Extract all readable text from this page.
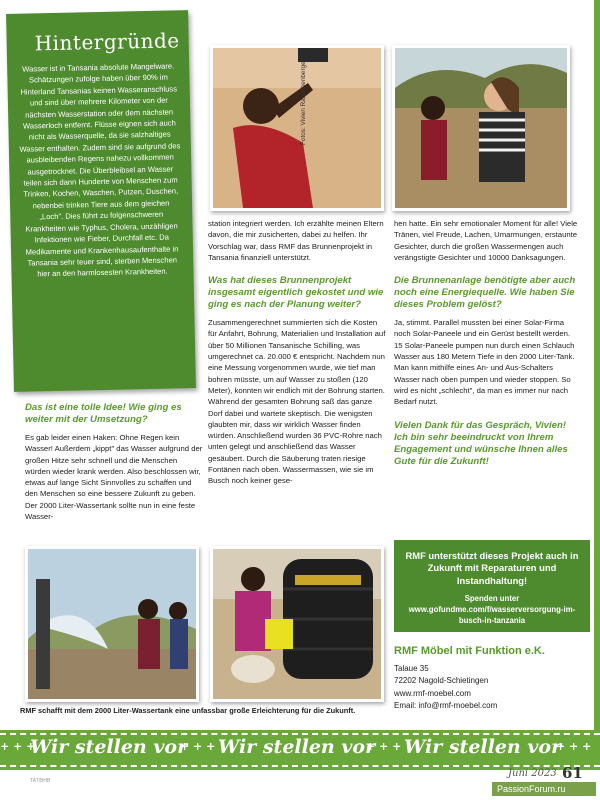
Hintergründe

Wasser ist in Tansania absolute Mangelware. Schätzungen zufolge haben über 90% im Hinterland Tansanias keinen Wasseranschluss und sind über mehrere Kilometer von der nächsten Wasserstation oder dem nächsten Wasserloch entfernt. Flüsse eignen sich auch nicht als Wasserquelle, da sie salzhaltiges Wasser enthalten. Zudem sind sie aufgrund des ausbleibenden Regens nahezu vollkommen ausgetrocknet. Die Überbleibsel an Wasser teilen sich dann Hunderte von Menschen zum Trinken, Kochen, Waschen, Putzen, Duschen, nebenbei trinken Tiere aus dem gleichen „Loch". Dies führt zu folgenschweren Krankheiten wie Typhus, Cholera, unzähligen Infektionen wie Fieber, Durchfall etc. Da Medikamente und Krankenhausaufenthalte in Tansania sehr teuer sind, sterben Menschen hier an den harmlosesten Krankheiten.

Fotos: Vivien Rauschenberger

Das ist eine tolle Idee! Wie ging es weiter mit der Umsetzung?

Es gab leider einen Haken: Ohne Regen kein Wasser! Außerdem „kippt" das Wasser aufgrund der großen Hitze sehr schnell und die Menschen würden wieder krank werden. Also beschlossen wir, etwas auf lange Sicht Sinnvolles zu schaffen und den Menschen so eine bessere Zukunft zu geben. Der 2000 Liter-Wassertank sollte nun in eine feste Wasser-

station integriert werden. Ich erzählte meinen Eltern davon, die mir zusicherten, dabei zu helfen. Ihr Vorschlag war, dass RMF das Brunnenprojekt in Tansania finanziell unterstützt.

Was hat dieses Brunnenprojekt insgesamt eigentlich gekostet und wie ging es nach der Planung weiter?

Zusammengerechnet summierten sich die Kosten für Anfahrt, Bohrung, Materialien und Installation auf über 50 Millionen Tansanische Schilling, was umgerechnet ca. 20.000 € entspricht. Nachdem nun eine Messung vorgenommen wurde, wie tief man bohren müsste, um auf Wasser zu stoßen (120 Meter), konnten wir endlich mit der Bohrung starten. Während der gesamten Bohrung saß das ganze Dorf dabei und wartete skeptisch. Die wenigsten glaubten mir, dass wir wirklich Wasser finden würden. Anschließend wurden 36 PVC-Rohre nach unten gelegt und anschließend das Wasser gesäubert. Durch die Säuberung traten riesige Fontänen nach oben. Wassermassen, wie sie im Busch noch keiner gese-

hen hatte. Ein sehr emotionaler Moment für alle! Viele Tränen, viel Freude, Lachen, Umarmungen, erstaunte Gesichter, durch die großen Wassermengen auch verängstigte Gesichter und 10000 Danksagungen.

Die Brunnenanlage benötigte aber auch noch eine Energiequelle. Wie haben Sie dieses Problem gelöst?

Ja, stimmt. Parallel mussten bei einer Solar-Firma noch Solar-Paneele und ein Gerüst bestellt werden. 15 Solar-Paneele pumpen nun durch einen Schlauch Wasser aus 180 Metern Tiefe in den 2000 Liter-Tank. Man kann mithilfe eines An- und Aus-Schalters Wasser nach oben pumpen und wieder stoppen. So wird es nicht „schlecht", da man es immer nur nach Bedarf nutzt.

Vielen Dank für das Gespräch, Vivien! Ich bin sehr beeindruckt von Ihrem Engagement und wünsche Ihnen alles Gute für die Zukunft!

RMF schafft mit dem 2000 Liter-Wassertank eine unfassbar große Erleichterung für die Zukunft.

RMF unterstützt dieses Projekt auch in Zukunft mit Reparaturen und Instandhaltung!

Spenden unter www.gofundme.com/f/wasserversorgung-im-busch-in-tanzania

RMF Möbel mit Funktion e.K.

Talaue 35

72202 Nagold-Schietingen

www.rmf-moebel.com

Email: info@rmf-moebel.com

+ + +
Wir stellen vor
+ + + Wir stellen vor
+ + + Wir stellen vor
+ + +
TAT/BHB
Juni 2023 61
PassionForum.ru
